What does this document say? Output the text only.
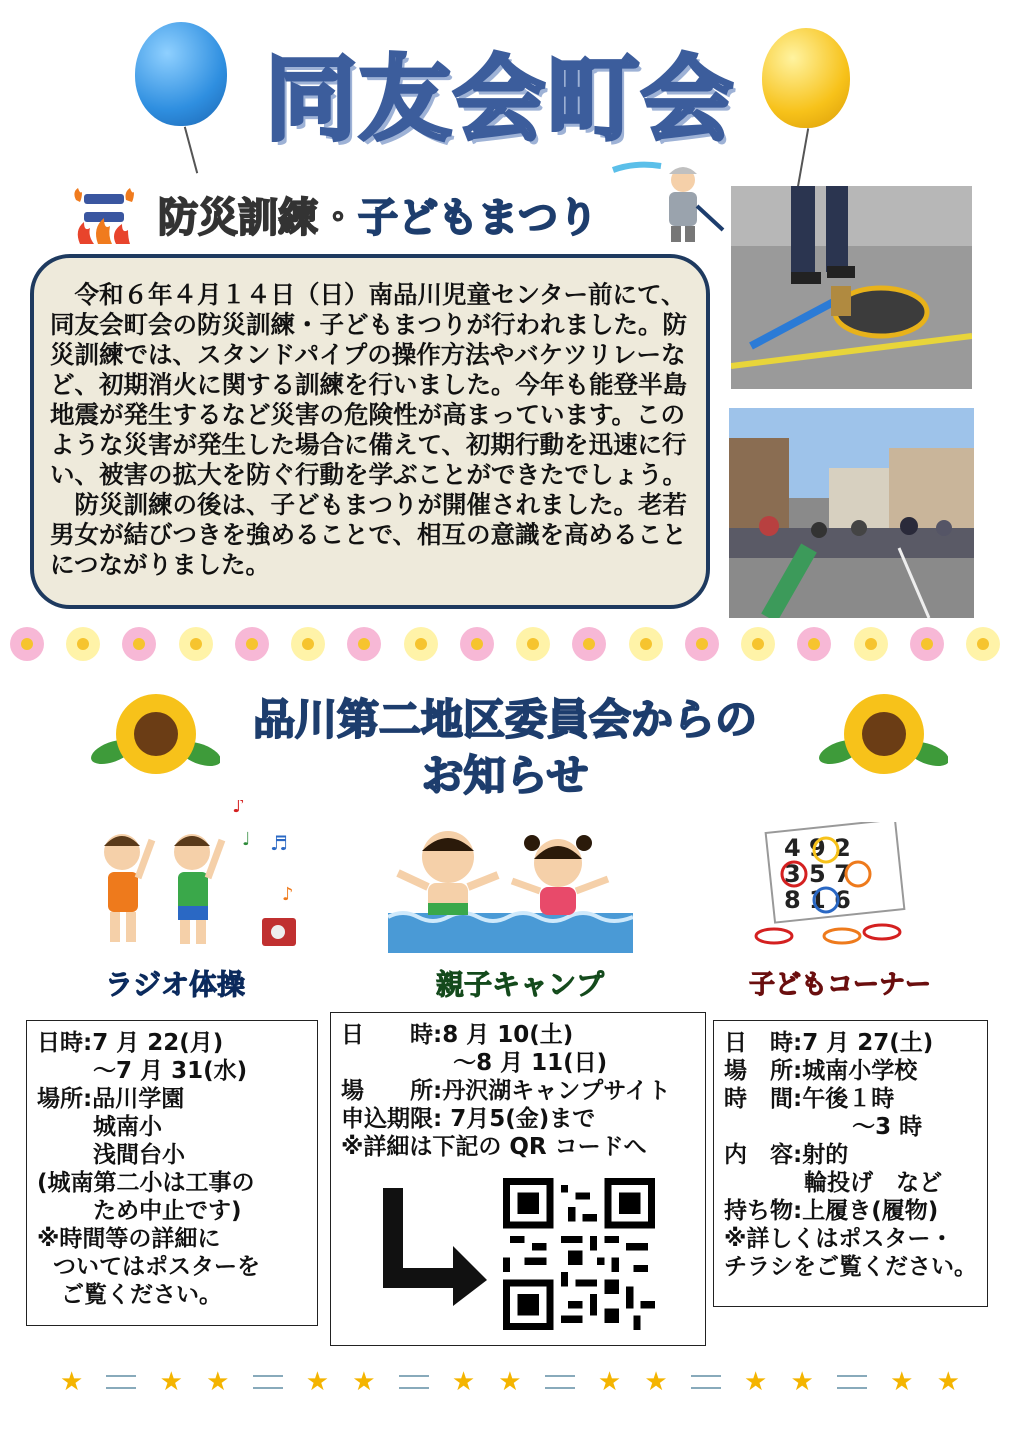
同友会町会
防災訓練・子どもまつり

令和６年４月１４日（日）南品川児童センター前にて、同友会町会の防災訓練・子どもまつりが行われました。防災訓練では、スタンドパイプの操作方法やバケツリレーなど、初期消火に関する訓練を行いました。今年も能登半島地震が発生するなど災害の危険性が高まっています。このような災害が発生した場合に備えて、初期行動を迅速に行い、被害の拡大を防ぐ行動を学ぶことができたでしょう。

防災訓練の後は、子どもまつりが開催されました。老若男女が結びつきを強めることで、相互の意識を高めることにつながりました。

品川第二地区委員会からの
お知らせ
♪
♩ ♬
♪
4 9 2
3 5 7
8 1 6
ラジオ体操	親子キャンプ	子どもコーナー
日時:7 月 22(月)
～7 月 31(水)
場所:品川学園
城南小
浅間台小
(城南第二小は工事の
ため中止です)
※時間等の詳細に
ついてはポスターを
ご覧ください。
日　　時:8 月 10(土)
～8 月 11(日)
場　　所:丹沢湖キャンプサイト
申込期限: 7月5(金)まで
※詳細は下記の QR コードへ
日　時:7 月 27(土)
場　所:城南小学校
時　間:午後１時
～3 時
内　容:射的
輪投げ　など
持ち物:上履き(履物)
※詳しくはポスター・
チラシをご覧ください。
★	★ ★	★ ★	★ ★	★ ★	★ ★	★ ★
